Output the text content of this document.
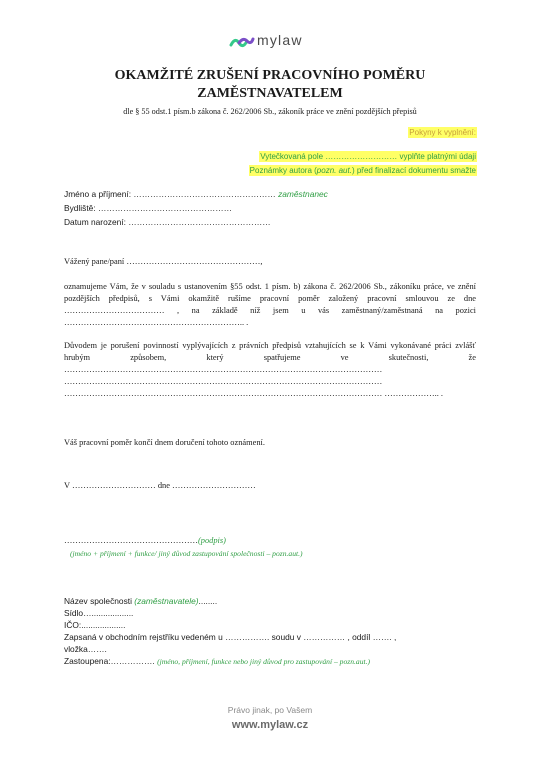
mylaw
OKAMŽITÉ ZRUŠENÍ PRACOVNÍHO POMĚRU
ZAMĚSTNAVATELEM
dle § 55 odst.1 písm.b zákona č. 262/2006 Sb., zákoník práce ve znění pozdějších přepisů
Pokyny k vyplnění:
Vytečkovaná pole ……………………… vyplňte platnými údaji
Poznámky autora (pozn. aut.) před finalizací dokumentu smažte
Jméno a příjmení: …………………………………………… zaměstnanec
Bydliště: …………………………………………
Datum narození: ……………………………………………
Vážený pane/paní …………………………………………,
oznamujeme Vám, že v souladu s ustanovením §55 odst. 1 písm. b) zákona č. 262/2006 Sb., zákoníku práce, ve znění pozdějších předpisů, s Vámi okamžitě rušíme pracovní poměr založený pracovní smlouvou ze dne ……………………………… , na základě níž jsem u vás zaměstnaný/zaměstnaná na pozici ……………………………………………………….. .
Důvodem je porušení povinností vyplývajících z právních předpisů vztahujících se k Vámi vykonávané práci zvlášť hrubým způsobem, který spatřujeme ve skutečnosti, že …………………………………………………………………………………………………… …………………………………………………………………………………………………… …………………………………………………………………………………………………… ……………….. .
Váš pracovní poměr končí dnem doručení tohoto oznámení.
V ………………………… dne …………………………
…………………………………………(podpis)
(jméno + příjmení + funkce/ jiný důvod zastupování společnosti – pozn.aut.)
Název společnosti (zaměstnavatele)........
Sídlo…..................
IČO:...................
Zapsaná v obchodním rejstříku vedeném u ……………. soudu v …………… , oddíl ……. ,
vložka…….
Zastoupena:……………. (jméno, příjmení, funkce nebo jiný důvod pro zastupování – pozn.aut.)
Právo jinak, po Vašem
www.mylaw.cz
